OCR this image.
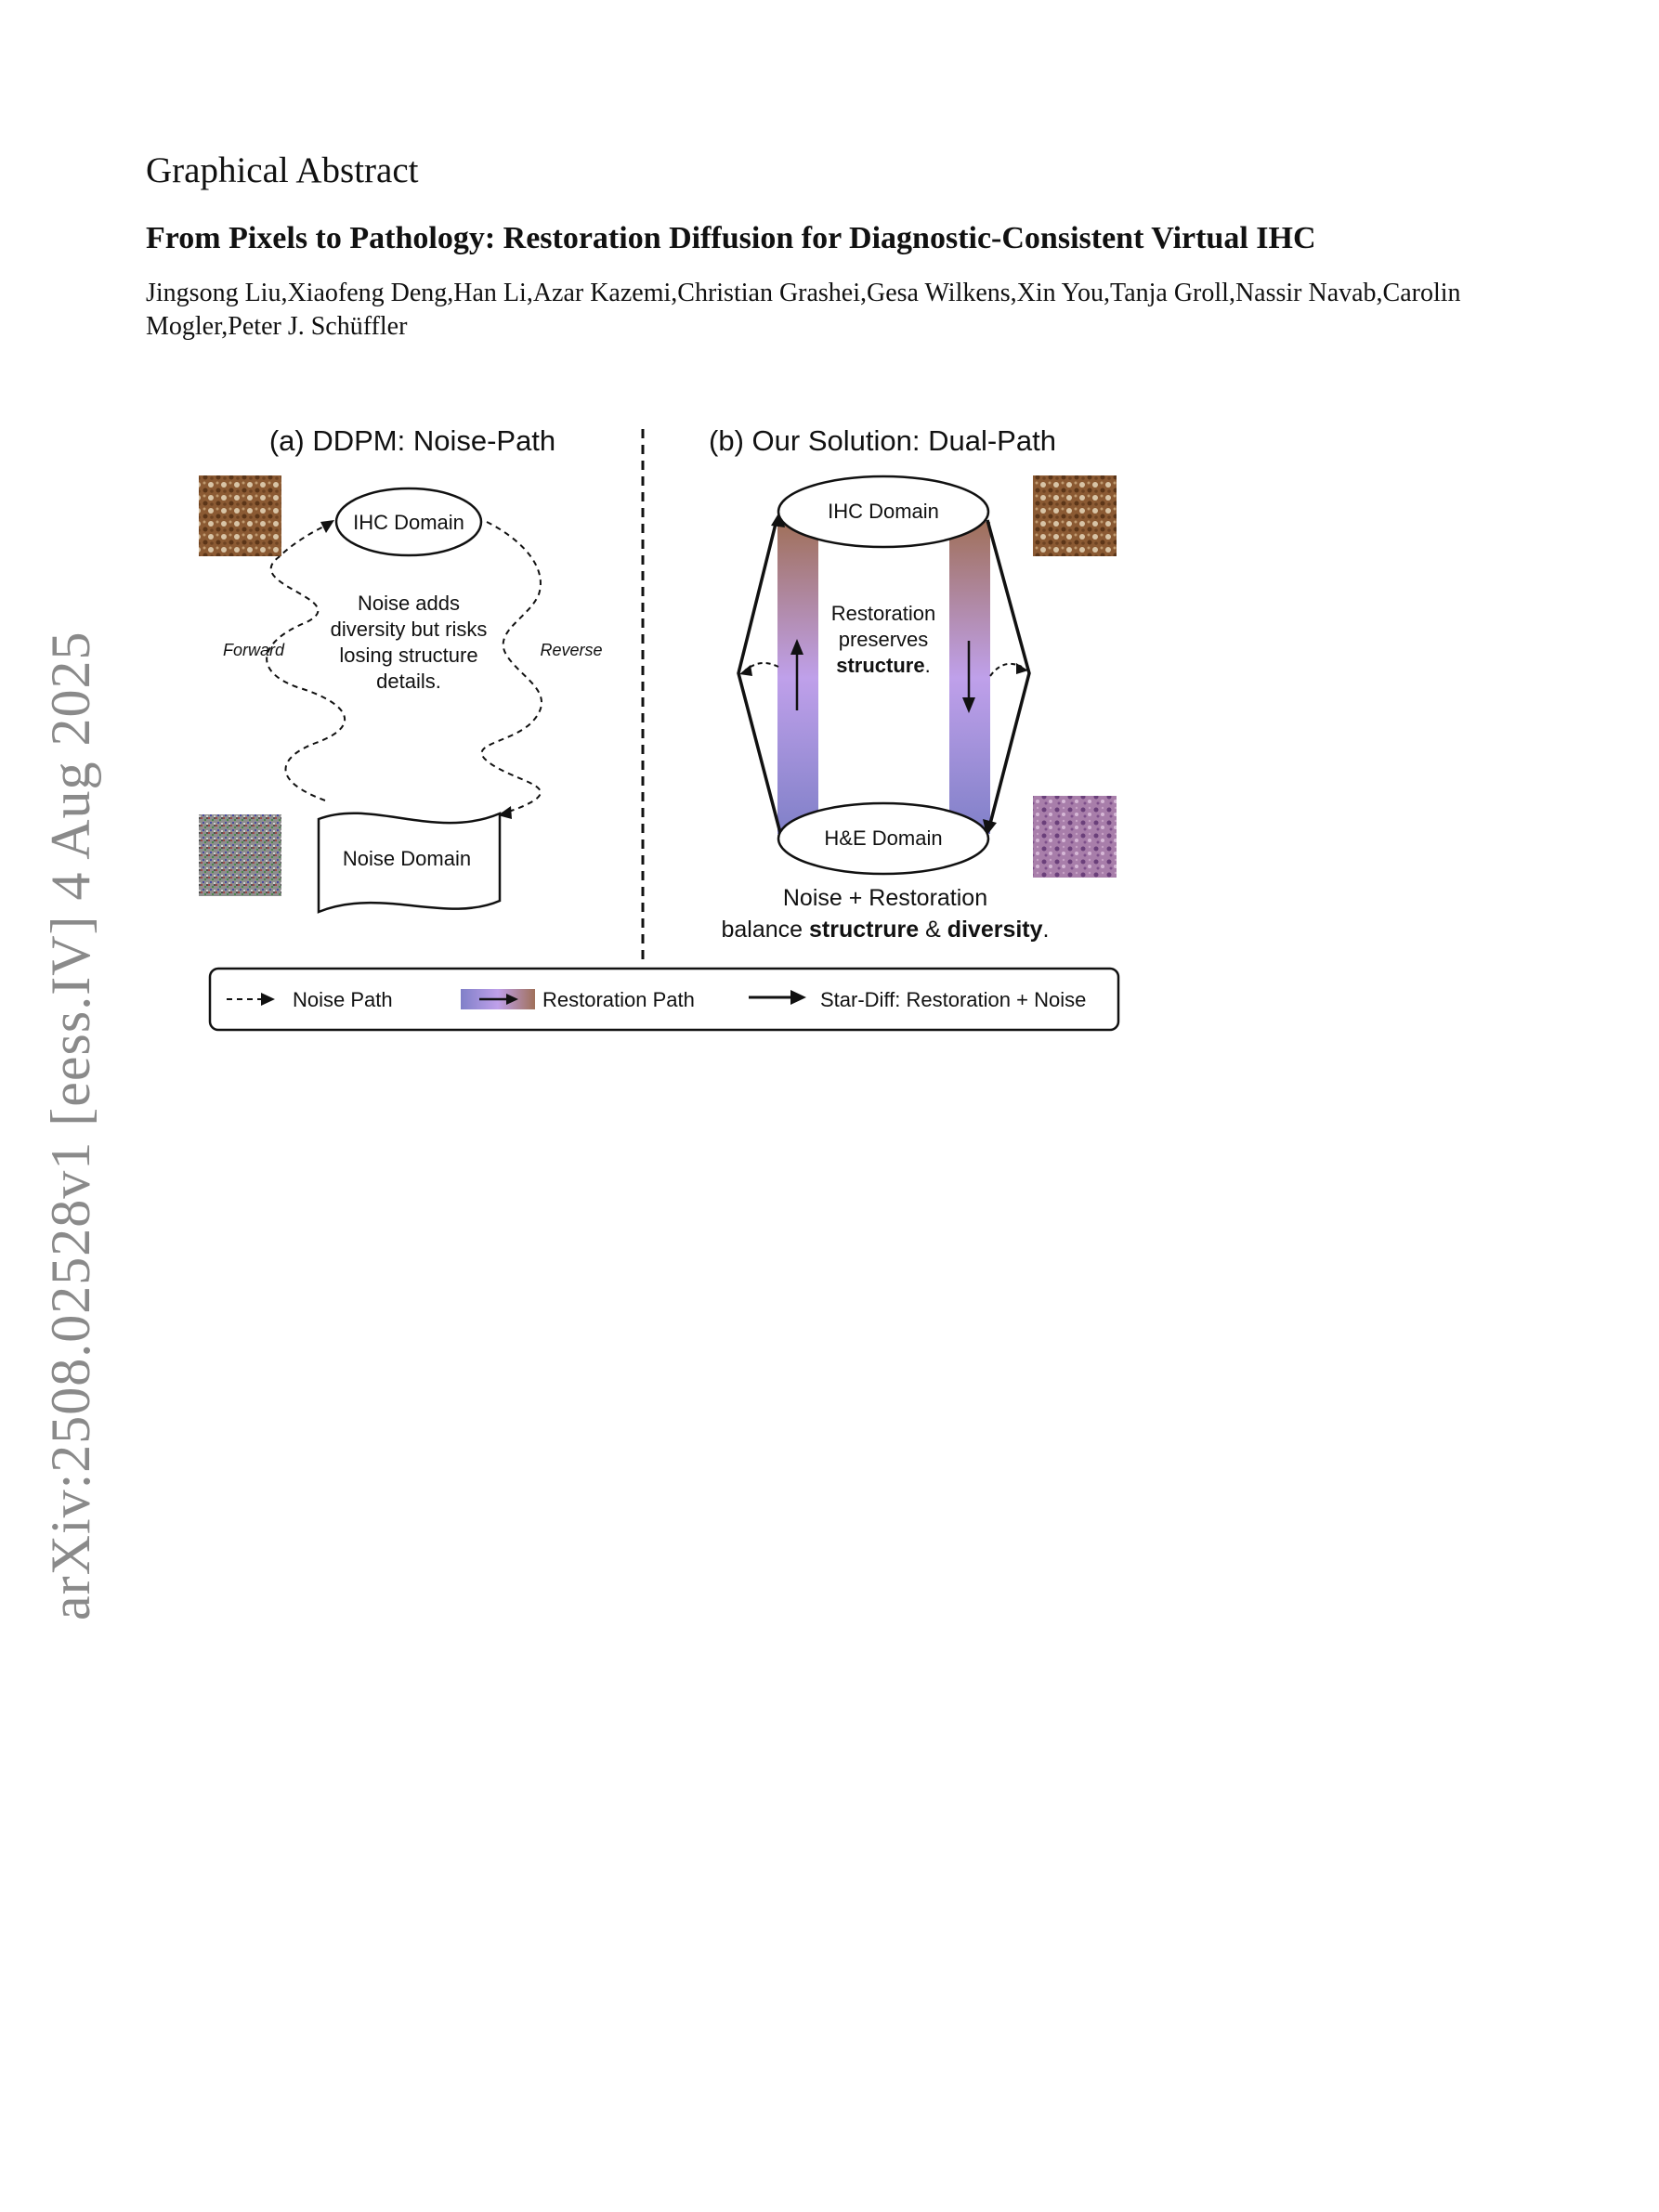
Graphical Abstract
From Pixels to Pathology: Restoration Diffusion for Diagnostic-Consistent Virtual IHC

Jingsong Liu,Xiaofeng Deng,Han Li,Azar Kazemi,Christian Grashei,Gesa Wilkens,Xin You,Tanja Groll,Nassir Navab,Carolin Mogler,Peter J. Schüffler

arXiv:2508.02528v1 [eess.IV] 4 Aug 2025
(a) DDPM: Noise-Path
IHC Domain
Forward	Reverse
Noise adds
diversity but risks
losing structure
details.
Noise Domain
(b) Our Solution: Dual-Path
IHC Domain
H&E Domain
Restoration
preserves
structure.
Noise + Restoration
balance structrure & diversity.
Noise Path	Restoration Path	Star-Diff: Restoration + Noise
